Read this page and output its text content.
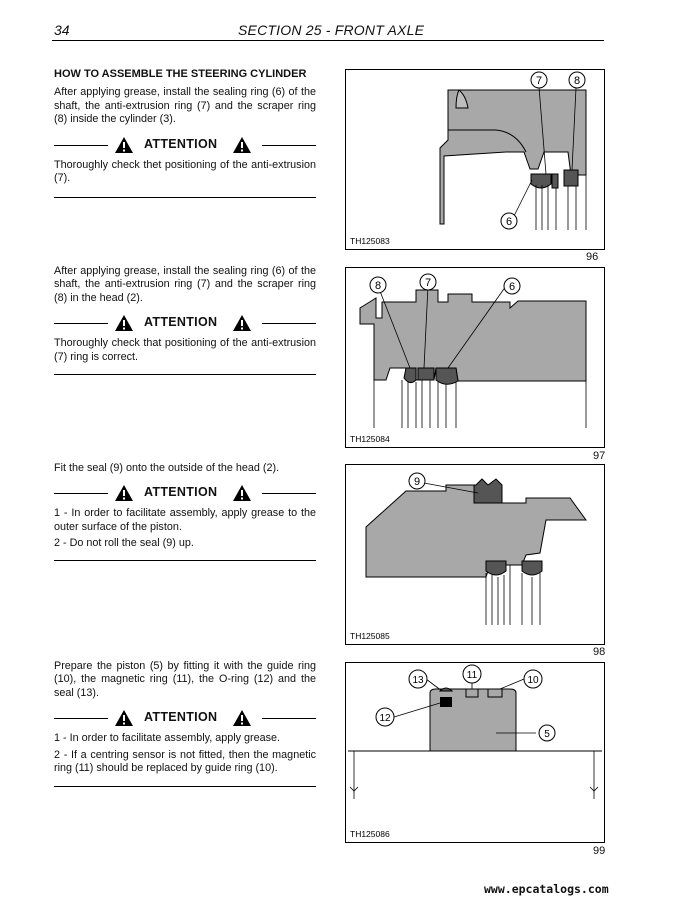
34	SECTION 25 - FRONT AXLE

HOW TO ASSEMBLE THE STEERING CYLINDER

After applying grease, install the sealing ring (6) of the shaft, the anti-extrusion ring (7) and the scraper ring (8) inside the cylinder (3).

ATTENTION

Thoroughly check thet positioning of the anti-extrusion (7).

After applying grease, install the sealing ring (6) of the shaft, the anti-extrusion ring (7) and the scraper ring (8) in the head (2).

ATTENTION

Thoroughly check that positioning of the anti-extrusion (7) ring is correct.

Fit the seal (9) onto the outside of the head (2).

ATTENTION

1 - In order to facilitate assembly, apply grease to the outer surface of the piston.

2 - Do not roll the seal (9) up.

Prepare the piston (5) by fitting it with the guide ring (10), the magnetic ring (11), the O-ring (12) and the seal (13).

ATTENTION

1 - In order to facilitate assembly, apply grease.

2 - If a centring sensor is not fitted, then the magnetic ring (11) should be replaced by guide ring (10).

7	8
6
TH125083
96
8	7	6
TH125084
97
9
TH125085
98
13	11	10
12
5
TH125086
99
www.epcatalogs.com
